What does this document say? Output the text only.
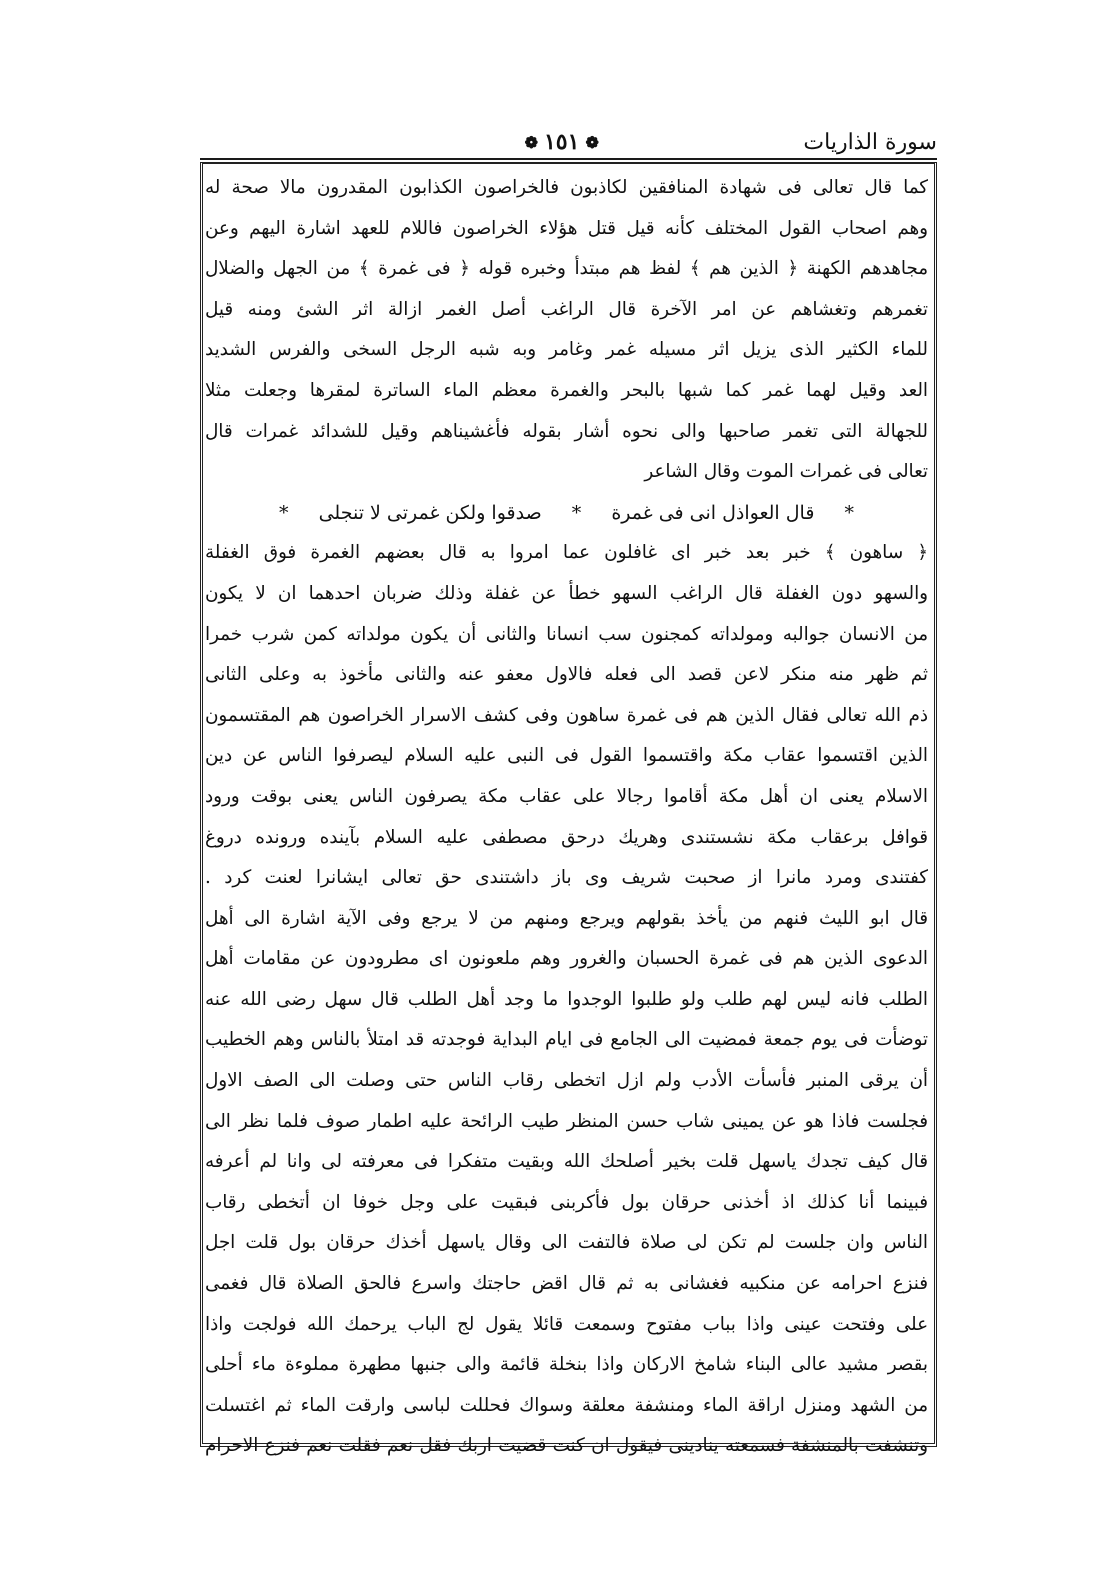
سورة الذاريات
❁
١٥١
❁
كما قال تعالى فى شهادة المنافقين لكاذبون فالخراصون الكذابون المقدرون مالا صحة له
وهم اصحاب القول المختلف كأنه قيل قتل هؤلاء الخراصون فاللام للعهد اشارة اليهم وعن
مجاهدهم الكهنة ﴿ الذين هم ﴾ لفظ هم مبتدأ وخبره قوله ﴿ فى غمرة ﴾ من الجهل والضلال
تغمرهم وتغشاهم عن امر الآخرة قال الراغب أصل الغمر ازالة اثر الشئ ومنه قيل
للماء الكثير الذى يزيل اثر مسيله غمر وغامر وبه شبه الرجل السخى والفرس الشديد
العد وقيل لهما غمر كما شبها بالبحر والغمرة معظم الماء الساترة لمقرها وجعلت مثلا
للجهالة التى تغمر صاحبها والى نحوه أشار بقوله فأغشيناهم وقيل للشدائد غمرات قال
تعالى فى غمرات الموت وقال الشاعر
* قال العواذل انى فى غمرة * صدقوا ولكن غمرتى لا تنجلى *
﴿ ساهون ﴾ خبر بعد خبر اى غافلون عما امروا به قال بعضهم الغمرة فوق الغفلة
والسهو دون الغفلة قال الراغب السهو خطأ عن غفلة وذلك ضربان احدهما ان لا يكون
من الانسان جوالبه ومولداته كمجنون سب انسانا والثانى أن يكون مولداته كمن شرب خمرا
ثم ظهر منه منكر لاعن قصد الى فعله فالاول معفو عنه والثانى مأخوذ به وعلى الثانى
ذم الله تعالى فقال الذين هم فى غمرة ساهون وفى كشف الاسرار الخراصون هم المقتسمون
الذين اقتسموا عقاب مكة واقتسموا القول فى النبى عليه السلام ليصرفوا الناس عن دين
الاسلام يعنى ان أهل مكة أقاموا رجالا على عقاب مكة يصرفون الناس يعنى بوقت ورود
قوافل برعقاب مكة نشستندى وهريك درحق مصطفى عليه السلام بآينده ورونده دروغ
كفتندى ومرد مانرا از صحبت شريف وى باز داشتندى حق تعالى ايشانرا لعنت كرد .
قال ابو الليث فنهم من يأخذ بقولهم ويرجع ومنهم من لا يرجع وفى الآية اشارة الى أهل
الدعوى الذين هم فى غمرة الحسبان والغرور وهم ملعونون اى مطرودون عن مقامات أهل
الطلب فانه ليس لهم طلب ولو طلبوا الوجدوا ما وجد أهل الطلب قال سهل رضى الله عنه
توضأت فى يوم جمعة فمضيت الى الجامع فى ايام البداية فوجدته قد امتلأ بالناس وهم الخطيب
أن يرقى المنبر فأسأت الأدب ولم ازل اتخطى رقاب الناس حتى وصلت الى الصف الاول
فجلست فاذا هو عن يمينى شاب حسن المنظر طيب الرائحة عليه اطمار صوف فلما نظر الى
قال كيف تجدك ياسهل قلت بخير أصلحك الله وبقيت متفكرا فى معرفته لى وانا لم أعرفه
فبينما أنا كذلك اذ أخذنى حرقان بول فأكربنى فبقيت على وجل خوفا ان أتخطى رقاب
الناس وان جلست لم تكن لى صلاة فالتفت الى وقال ياسهل أخذك حرقان بول قلت اجل
فنزع احرامه عن منكبيه فغشانى به ثم قال اقض حاجتك واسرع فالحق الصلاة قال فغمى
على وفتحت عينى واذا بباب مفتوح وسمعت قائلا يقول لج الباب يرحمك الله فولجت واذا
بقصر مشيد عالى البناء شامخ الاركان واذا بنخلة قائمة والى جنبها مطهرة مملوءة ماء أحلى
من الشهد ومنزل اراقة الماء ومنشفة معلقة وسواك فحللت لباسى وارقت الماء ثم اغتسلت
وتنشفت بالمنشفة فسمعته ينادينى فيقول ان كنت قضيت اربك فقل نعم فقلت نعم فنزع الاحرام
